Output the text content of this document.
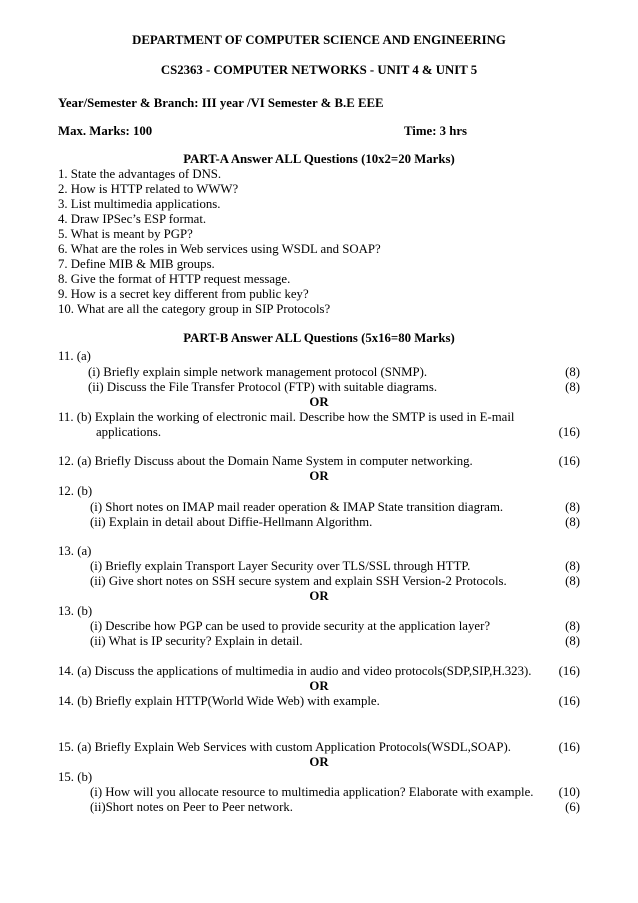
DEPARTMENT OF COMPUTER SCIENCE AND ENGINEERING
CS2363 - COMPUTER NETWORKS - UNIT 4 & UNIT 5
Year/Semester & Branch: III year /VI Semester & B.E EEE
Max. Marks: 100	Time: 3 hrs
PART-A Answer ALL Questions (10x2=20 Marks)
1. State the advantages of DNS.
2. How is HTTP related to WWW?
3. List multimedia applications.
4. Draw IPSec’s ESP format.
5. What is meant by PGP?
6. What are the roles in Web services using WSDL and SOAP?
7. Define MIB & MIB groups.
8. Give the format of HTTP request message.
9. How is a secret key different from public key?
10. What are all the category group in SIP Protocols?
PART-B Answer ALL Questions (5x16=80 Marks)
11. (a)
(i) Briefly explain simple network management protocol (SNMP).	(8)
(ii) Discuss the File Transfer Protocol (FTP) with suitable diagrams.	(8)
OR
11. (b) Explain the working of electronic mail. Describe how the SMTP is used in E-mail
applications.	(16)
12. (a) Briefly Discuss about the Domain Name System in computer networking.	(16)
OR
12. (b)
(i) Short notes on IMAP mail reader operation & IMAP State transition diagram.	(8)
(ii) Explain in detail about Diffie-Hellmann Algorithm.	(8)
13. (a)
(i) Briefly explain Transport Layer Security over TLS/SSL through HTTP.	(8)
(ii) Give short notes on SSH secure system and explain SSH Version-2 Protocols.	(8)
OR
13. (b)
(i) Describe how PGP can be used to provide security at the application layer?	(8)
(ii) What is IP security? Explain in detail.	(8)
14. (a) Discuss the applications of multimedia in audio and video protocols(SDP,SIP,H.323). (16)
OR
14. (b) Briefly explain HTTP(World Wide Web) with example.	(16)
15. (a) Briefly Explain Web Services with custom Application Protocols(WSDL,SOAP).	(16)
OR
15. (b)
(i) How will you allocate resource to multimedia application? Elaborate with example. (10)
(ii)Short notes on Peer to Peer network.	(6)
